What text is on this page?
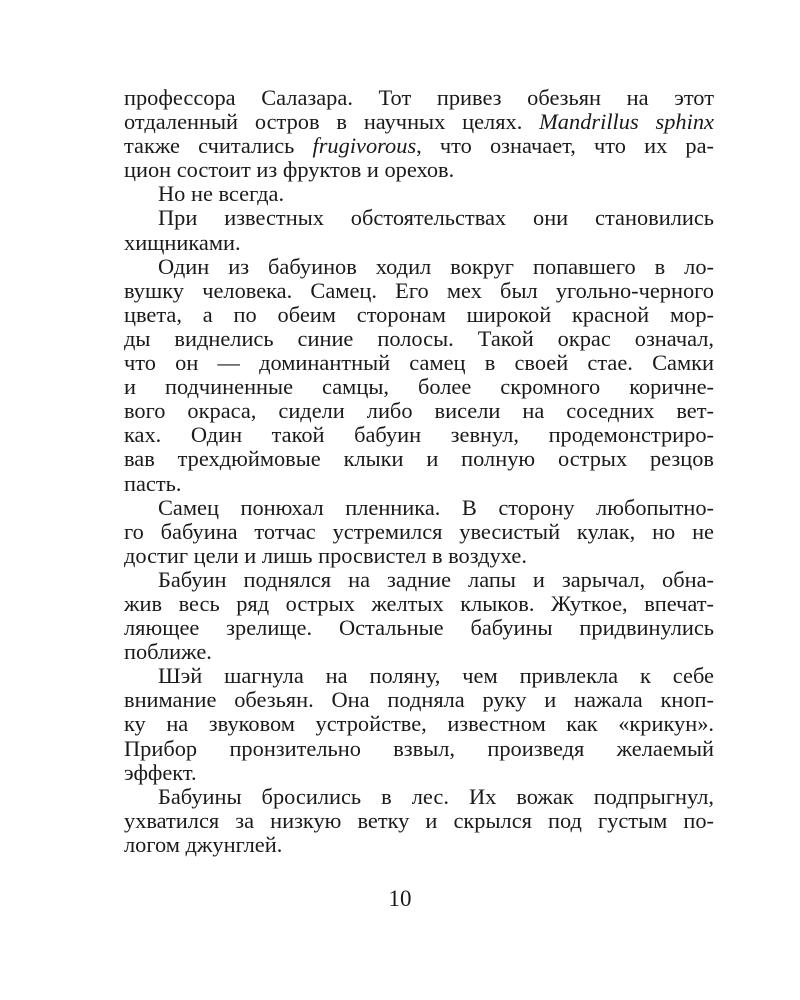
профессора Салазара. Тот привез обезьян на этот
отдаленный остров в научных целях. Mandrillus sphinx
также считались frugivorous, что означает, что их ра-
цион состоит из фруктов и орехов.
Но не всегда.
При известных обстоятельствах они становились
хищниками.
Один из бабуинов ходил вокруг попавшего в ло-
вушку человека. Самец. Его мех был угольно-черного
цвета, а по обеим сторонам широкой красной мор-
ды виднелись синие полосы. Такой окрас означал,
что он — доминантный самец в своей стае. Самки
и подчиненные самцы, более скромного коричне-
вого окраса, сидели либо висели на соседних вет-
ках. Один такой бабуин зевнул, продемонстриро-
вав трехдюймовые клыки и полную острых резцов
пасть.
Самец понюхал пленника. В сторону любопытно-
го бабуина тотчас устремился увесистый кулак, но не
достиг цели и лишь просвистел в воздухе.
Бабуин поднялся на задние лапы и зарычал, обна-
жив весь ряд острых желтых клыков. Жуткое, впечат-
ляющее зрелище. Остальные бабуины придвинулись
поближе.
Шэй шагнула на поляну, чем привлекла к себе
внимание обезьян. Она подняла руку и нажала кноп-
ку на звуковом устройстве, известном как «крикун».
Прибор пронзительно взвыл, произведя желаемый
эффект.
Бабуины бросились в лес. Их вожак подпрыгнул,
ухватился за низкую ветку и скрылся под густым по-
логом джунглей.
10
